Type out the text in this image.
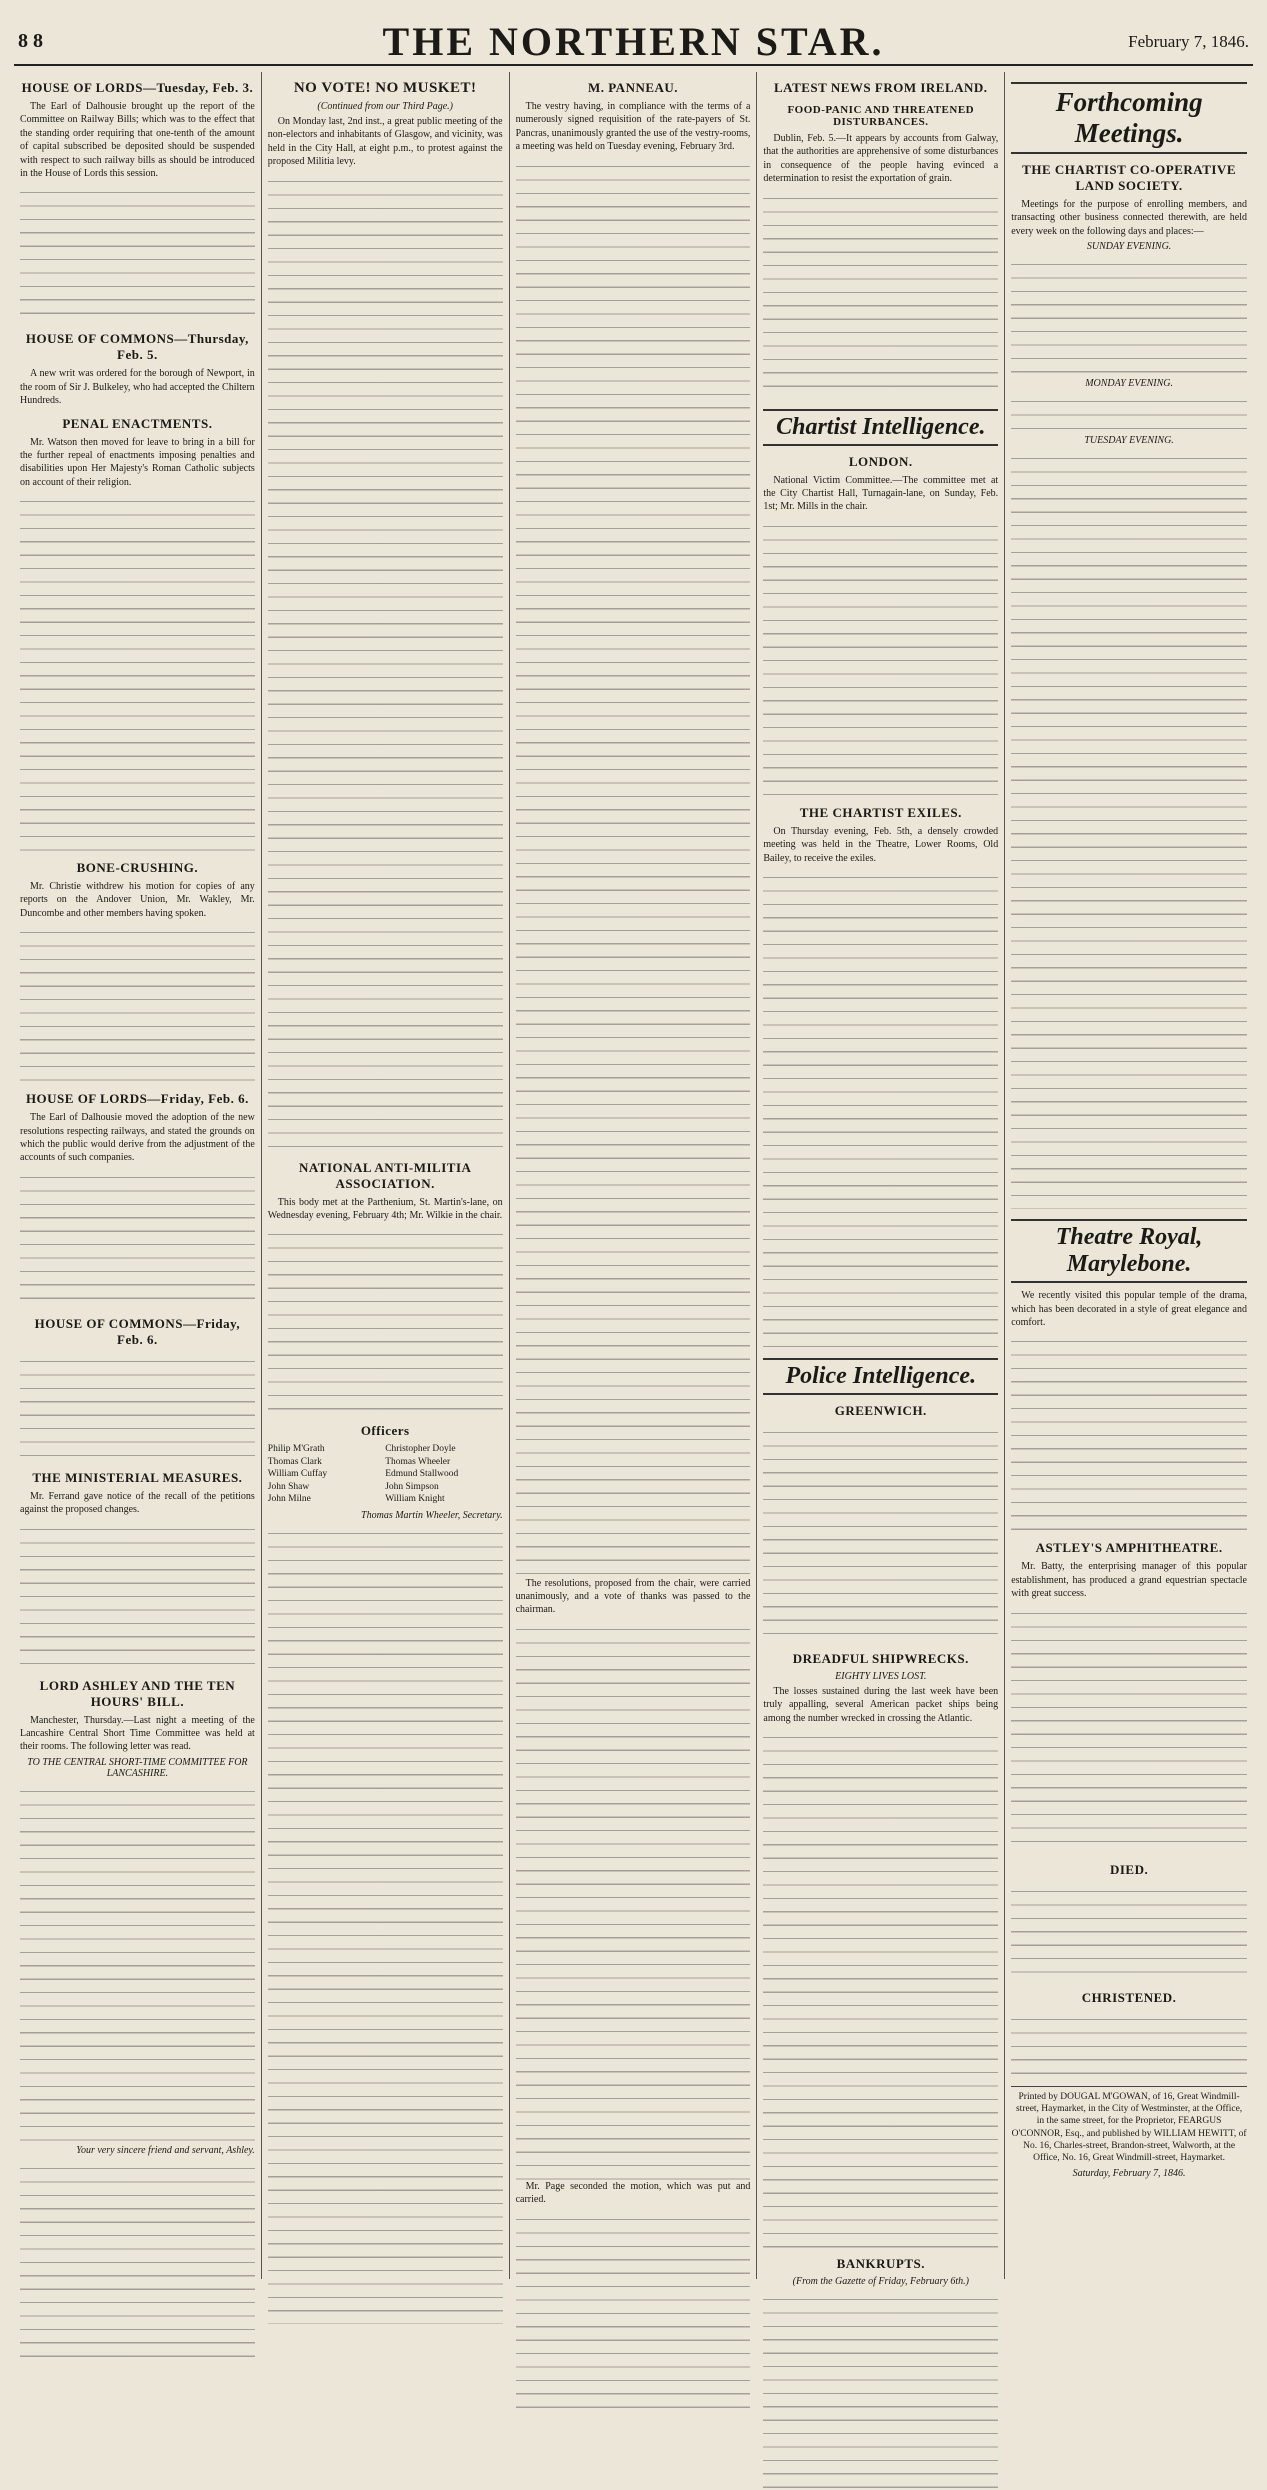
8 8	THE NORTHERN STAR.	February 7, 1846.
HOUSE OF LORDS—Tuesday, Feb. 3.

The Earl of Dalhousie brought up the report of the Committee on Railway Bills; which was to the effect that the standing order requiring that one-tenth of the amount of capital subscribed be deposited should be suspended with respect to such railway bills as should be introduced in the House of Lords this session.

HOUSE OF COMMONS—Thursday, Feb. 5.

A new writ was ordered for the borough of Newport, in the room of Sir J. Bulkeley, who had accepted the Chiltern Hundreds.

PENAL ENACTMENTS.

Mr. Watson then moved for leave to bring in a bill for the further repeal of enactments imposing penalties and disabilities upon Her Majesty's Roman Catholic subjects on account of their religion.

BONE-CRUSHING.

Mr. Christie withdrew his motion for copies of any reports on the Andover Union, Mr. Wakley, Mr. Duncombe and other members having spoken.

HOUSE OF LORDS—Friday, Feb. 6.

The Earl of Dalhousie moved the adoption of the new resolutions respecting railways, and stated the grounds on which the public would derive from the adjustment of the accounts of such companies.

HOUSE OF COMMONS—Friday, Feb. 6.
THE MINISTERIAL MEASURES.

Mr. Ferrand gave notice of the recall of the petitions against the proposed changes.

LORD ASHLEY AND THE TEN HOURS' BILL.

Manchester, Thursday.—Last night a meeting of the Lancashire Central Short Time Committee was held at their rooms. The following letter was read.

TO THE CENTRAL SHORT-TIME COMMITTEE FOR LANCASHIRE.
Your very sincere friend and servant, Ashley.
NO VOTE! NO MUSKET!
(Continued from our Third Page.)

On Monday last, 2nd inst., a great public meeting of the non-electors and inhabitants of Glasgow, and vicinity, was held in the City Hall, at eight p.m., to protest against the proposed Militia levy.

NATIONAL ANTI-MILITIA ASSOCIATION.

This body met at the Parthenium, St. Martin's-lane, on Wednesday evening, February 4th; Mr. Wilkie in the chair.

Officers
Philip M'Grath	Christopher Doyle
Thomas Clark	Thomas Wheeler
William Cuffay	Edmund Stallwood
John Shaw	John Simpson
John Milne	William Knight
Thomas Martin Wheeler, Secretary.
M. PANNEAU.

The vestry having, in compliance with the terms of a numerously signed requisition of the rate-payers of St. Pancras, unanimously granted the use of the vestry-rooms, a meeting was held on Tuesday evening, February 3rd.

The resolutions, proposed from the chair, were carried unanimously, and a vote of thanks was passed to the chairman.

Mr. Page seconded the motion, which was put and carried.

LATEST NEWS FROM IRELAND.
FOOD-PANIC AND THREATENED DISTURBANCES.

Dublin, Feb. 5.—It appears by accounts from Galway, that the authorities are apprehensive of some disturbances in consequence of the people having evinced a determination to resist the exportation of grain.

Chartist Intelligence.
LONDON.

National Victim Committee.—The committee met at the City Chartist Hall, Turnagain-lane, on Sunday, Feb. 1st; Mr. Mills in the chair.

THE CHARTIST EXILES.

On Thursday evening, Feb. 5th, a densely crowded meeting was held in the Theatre, Lower Rooms, Old Bailey, to receive the exiles.

Police Intelligence.
GREENWICH.
DREADFUL SHIPWRECKS.
EIGHTY LIVES LOST.

The losses sustained during the last week have been truly appalling, several American packet ships being among the number wrecked in crossing the Atlantic.

BANKRUPTS.
(From the Gazette of Friday, February 6th.)
Forthcoming Meetings.
THE CHARTIST CO-OPERATIVE LAND SOCIETY.

Meetings for the purpose of enrolling members, and transacting other business connected therewith, are held every week on the following days and places:—

SUNDAY EVENING.
MONDAY EVENING.
TUESDAY EVENING.
Theatre Royal, Marylebone.

We recently visited this popular temple of the drama, which has been decorated in a style of great elegance and comfort.

ASTLEY'S AMPHITHEATRE.

Mr. Batty, the enterprising manager of this popular establishment, has produced a grand equestrian spectacle with great success.

DIED.
CHRISTENED.
Printed by DOUGAL M'GOWAN, of 16, Great Windmill-street, Haymarket, in the City of Westminster, at the Office, in the same street, for the Proprietor, FEARGUS O'CONNOR, Esq., and published by WILLIAM HEWITT, of No. 16, Charles-street, Brandon-street, Walworth, at the Office, No. 16, Great Windmill-street, Haymarket.
Saturday, February 7, 1846.
